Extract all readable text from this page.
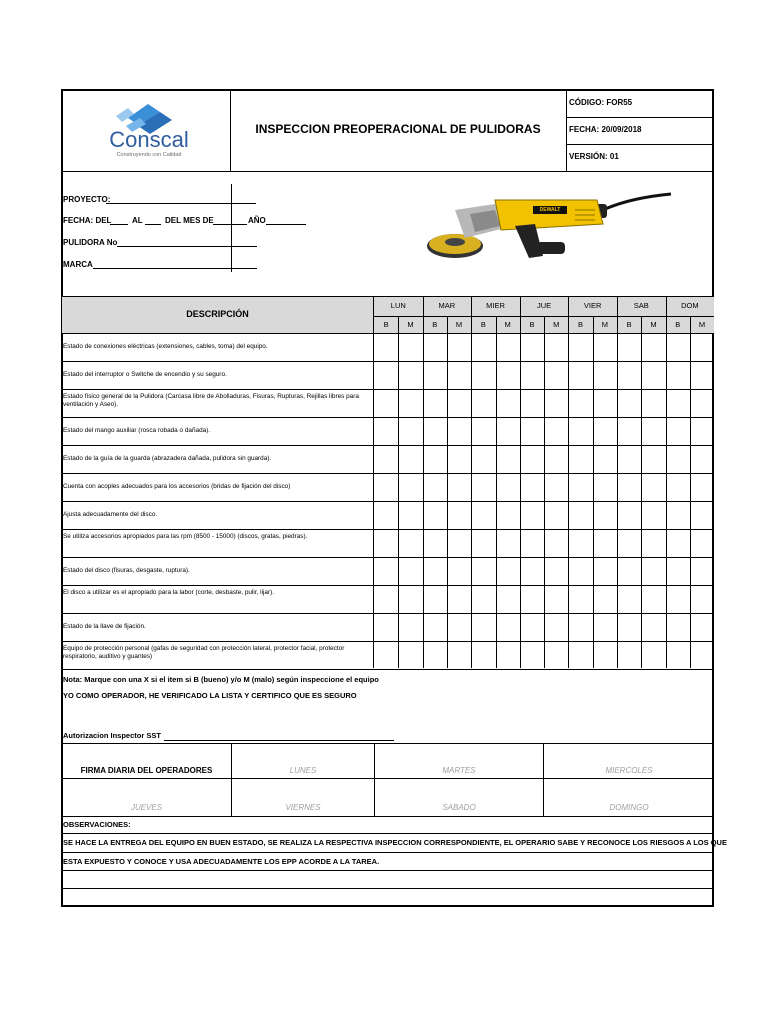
Conscal
Construyendo con Calidad
INSPECCION PREOPERACIONAL DE PULIDORAS
CÓDIGO: FOR55
FECHA: 20/09/2018
VERSIÓN: 01
PROYECTO:
FECHA: DEL	AL	DEL MES DE	AÑO
PULIDORA No
MARCA
DEWALT
DESCRIPCIÓN
LUN
B	M
MAR
B	M
MIER
B	M
JUE
B	M
VIER
B	M
SAB
B	M
DOM
B	M
Estado de conexiones eléctricas (extensiones, cables, toma) del equipo.
Estado del interruptor o Switche de encendio y su seguro.
Estado físico general de la Pulidora (Carcasa libre de Abolladuras, Fisuras, Rupturas, Rejillas libres para ventilación y Aseo).
Estado del mango auxiliar (rosca robada o dañada).
Estado de la guía de la guarda (abrazadera dañada, pulidora sin guarda).
Cuenta con acoples adecuados para los accesorios (bridas de fijación del disco)
Ajusta adecuadamente del disco.
Se utiliza accesorios apropiados para las rpm (8500 - 15000) (discos, gratas, piedras).
Estado del disco (fisuras, desgaste, ruptura).
El disco a utilizar es el apropiado para la labor (corte, desbaste, pulir, lijar).
Estado de la llave de fijación.
Equipo de protección personal (gafas de seguridad con protección lateral, protector facial, protector respiratorio, auditivo y guantes)
Nota: Marque con una X si el item si B (bueno) y/o M (malo) según inspeccione el equipo
YO COMO OPERADOR, HE VERIFICADO LA LISTA Y CERTIFICO QUE ES SEGURO
Autorizacion Inspector SST
FIRMA DIARIA DEL OPERADORES	LUNES	MARTES	MIERCOLES
JUEVES	VIERNES	SABADO	DOMINGO
OBSERVACIONES:
SE HACE LA ENTREGA DEL EQUIPO EN BUEN ESTADO, SE REALIZA LA RESPECTIVA INSPECCION CORRESPONDIENTE, EL OPERARIO SABE Y RECONOCE LOS RIESGOS A LOS QUE
ESTA EXPUESTO Y CONOCE Y USA ADECUADAMENTE LOS EPP ACORDE A LA TAREA.
